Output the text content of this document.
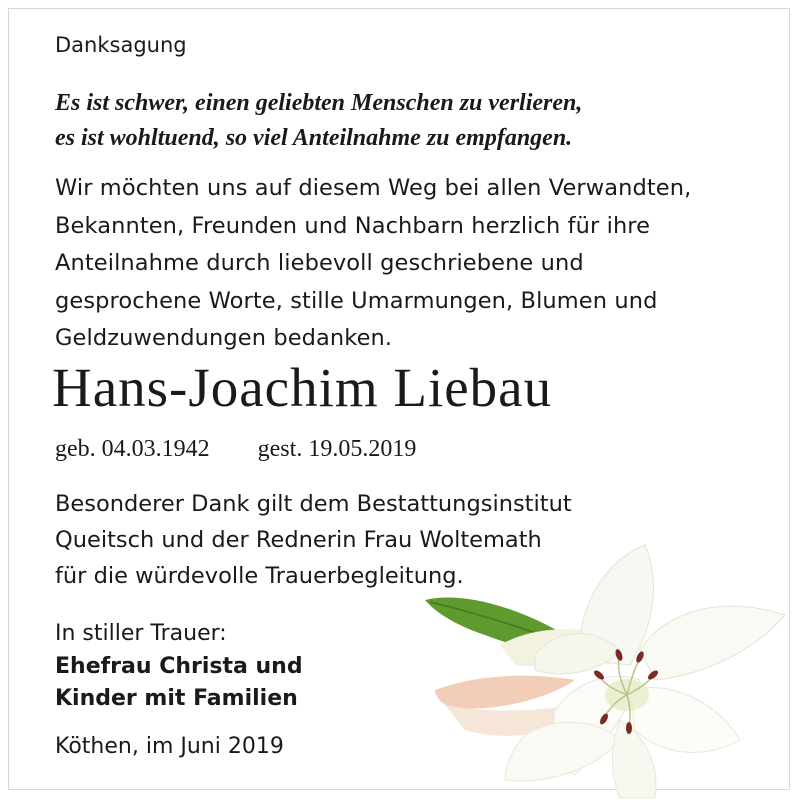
Danksagung
Es ist schwer, einen geliebten Menschen zu verlieren,
es ist wohltuend, so viel Anteilnahme zu empfangen.
Wir möchten uns auf diesem Weg bei allen Verwandten,
Bekannten, Freunden und Nachbarn herzlich für ihre
Anteilnahme durch liebevoll geschriebene und
gesprochene Worte, stille Umarmungen, Blumen und
Geldzuwendungen bedanken.
Hans-Joachim Liebau
geb. 04.03.1942 gest. 19.05.2019
Besonderer Dank gilt dem Bestattungsinstitut
Queitsch und der Rednerin Frau Woltemath
für die würdevolle Trauerbegleitung.
In stiller Trauer:
Ehefrau Christa und
Kinder mit Familien
Köthen, im Juni 2019
